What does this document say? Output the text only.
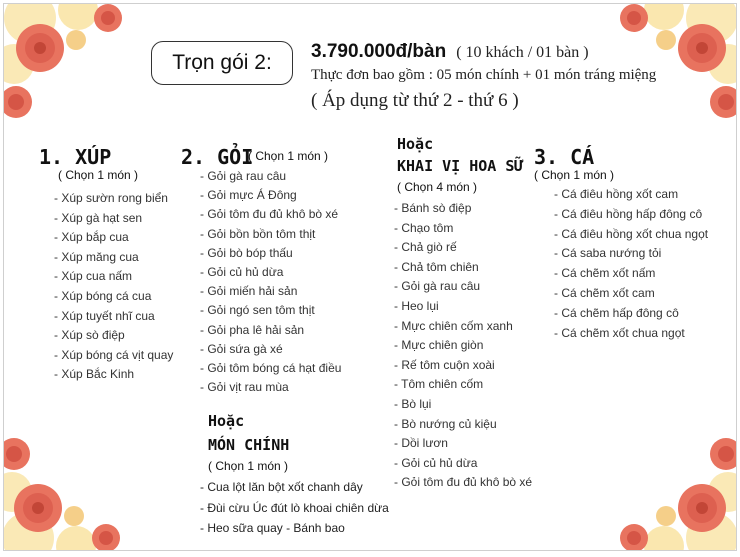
Trọn gói 2: 3.790.000đ/bàn ( 10 khách / 01 bàn )
Thực đơn bao gồm : 05 món chính + 01 món tráng miệng
( Áp dụng từ thứ 2 - thứ 6 )
1. XÚP
( Chọn 1 món )
- Xúp sườn rong biển
- Xúp gà hạt sen
- Xúp bắp cua
- Xúp măng cua
- Xúp cua nấm
- Xúp bóng cá cua
- Xúp tuyết nhĩ cua
- Xúp sò điệp
- Xúp bóng cá vịt quay
- Xúp Bắc Kinh
2. GỎI
( Chọn 1 món )
- Gỏi gà rau câu
- Gỏi mực Á Đông
- Gỏi tôm đu đủ khô bò xé
- Gỏi bồn bồn tôm thịt
- Gỏi bò bóp thấu
- Gỏi củ hủ dừa
- Gỏi miến hải sản
- Gỏi ngó sen tôm thịt
- Gỏi pha lê hải sản
- Gỏi sứa gà xé
- Gỏi tôm bóng cá hạt điều
- Gỏi vịt rau mùa
Hoặc
MÓN CHÍNH
( Chọn 1 món )
- Cua lột lăn bột xốt chanh dây
- Đùi cừu Úc đút lò khoai chiên dừa
- Heo sữa quay - Bánh bao
Hoặc
KHAI VỊ HOA SỮ
( Chọn 4 món )
- Bánh sò điệp
- Chạo tôm
- Chả giò rế
- Chả tôm chiên
- Gỏi gà rau câu
- Heo lụi
- Mực chiên cốm xanh
- Mực chiên giòn
- Rế tôm cuộn xoài
- Tôm chiên cốm
- Bò lụi
- Bò nướng củ kiệu
- Dồi lươn
- Gỏi củ hủ dừa
- Gỏi tôm đu đủ khô bò xé
3. CÁ
( Chọn 1 món )
- Cá điêu hồng xốt cam
- Cá điêu hồng hấp đông cô
- Cá điêu hồng xốt chua ngọt
- Cá saba nướng tỏi
- Cá chẽm xốt nấm
- Cá chẽm xốt cam
- Cá chẽm hấp đông cô
- Cá chẽm xốt chua ngọt
